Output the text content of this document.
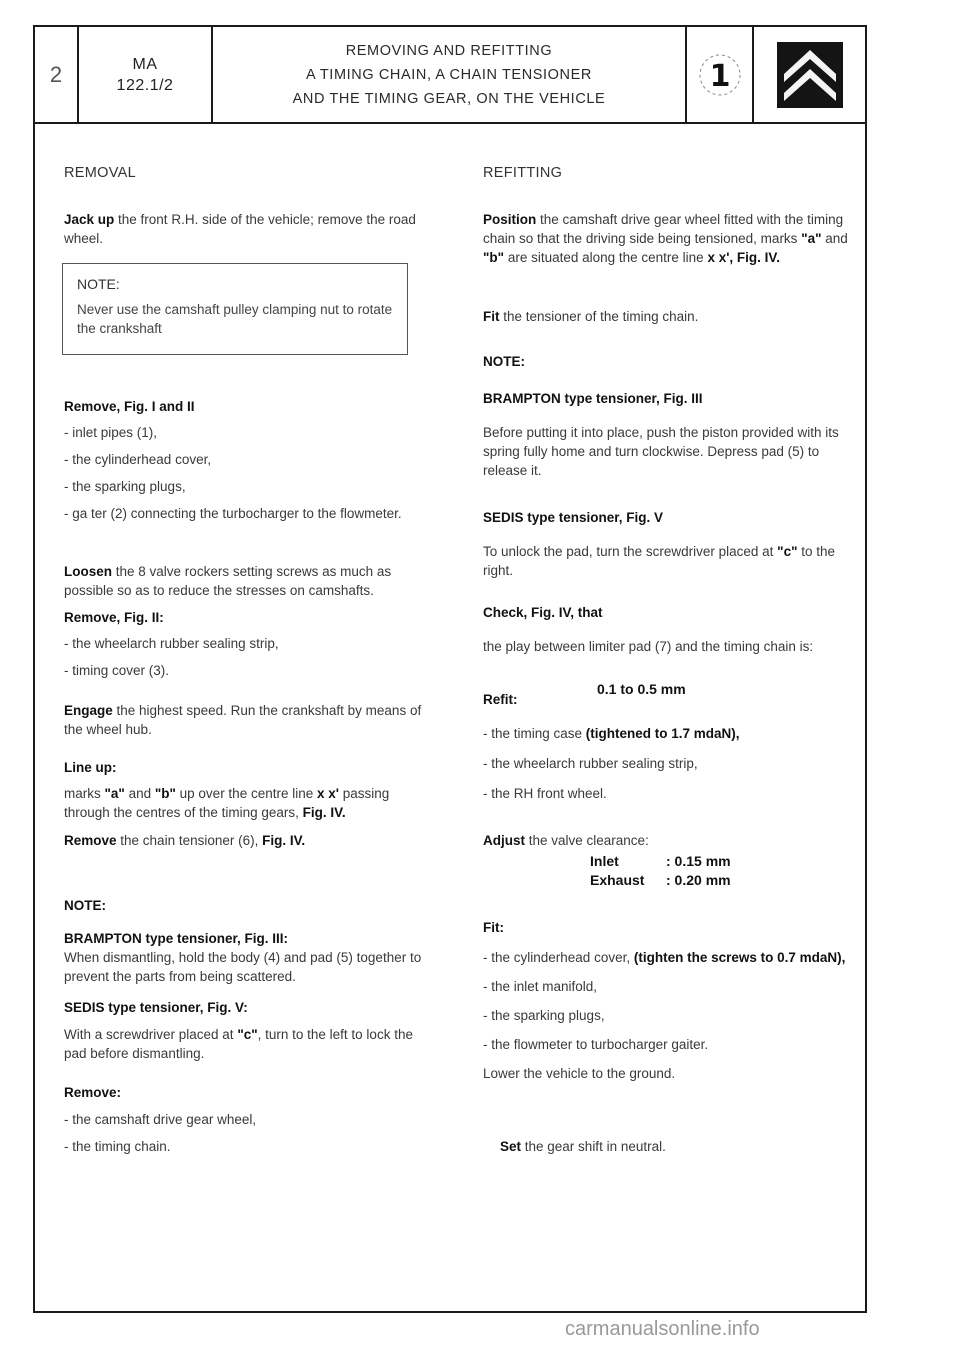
2	MA
122.1/2
REMOVING AND REFITTING
A TIMING CHAIN, A CHAIN TENSIONER
AND THE TIMING GEAR, ON THE VEHICLE
1
REMOVAL
Jack up the front R.H. side of the vehicle; remove the road wheel.
NOTE:
Never use the camshaft pulley clamping nut to rotate the crankshaft
Remove, Fig. I and II
- inlet pipes (1),
- the cylinderhead cover,
- the sparking plugs,
- ga ter (2) connecting the turbocharger to the flowmeter.
Loosen the 8 valve rockers setting screws as much as possible so as to reduce the stresses on camshafts.
Remove, Fig. II:
- the wheelarch rubber sealing strip,
- timing cover (3).
Engage the highest speed. Run the crankshaft by means of the wheel hub.
Line up:
marks "a" and "b" up over the centre line x x' passing through the centres of the timing gears, Fig. IV.
Remove the chain tensioner (6), Fig. IV.
NOTE:
BRAMPTON type tensioner, Fig. III:
When dismantling, hold the body (4) and pad (5) together to prevent the parts from being scattered.
SEDIS type tensioner, Fig. V:
With a screwdriver placed at "c", turn to the left to lock the pad before dismantling.
Remove:
- the camshaft drive gear wheel,
- the timing chain.
REFITTING
Position the camshaft drive gear wheel fitted with the timing chain so that the driving side being tensioned, marks "a" and "b" are situated along the centre line x x', Fig. IV.
Fit the tensioner of the timing chain.
NOTE:
BRAMPTON type tensioner, Fig. III
Before putting it into place, push the piston provided with its spring fully home and turn clockwise. Depress pad (5) to release it.
SEDIS type tensioner, Fig. V
To unlock the pad, turn the screwdriver placed at "c" to the right.
Check, Fig. IV, that
the play between limiter pad (7) and the timing chain is:
0.1 to 0.5 mm
Refit:
- the timing case (tightened to 1.7 mdaN),
- the wheelarch rubber sealing strip,
- the RH front wheel.
Adjust the valve clearance:
Inlet	: 0.15 mm
Exhaust	: 0.20 mm
Fit:
- the cylinderhead cover, (tighten the screws to 0.7 mdaN),
- the inlet manifold,
- the sparking plugs,
- the flowmeter to turbocharger gaiter.
Lower the vehicle to the ground.
Set the gear shift in neutral.
carmanualsonline.info
